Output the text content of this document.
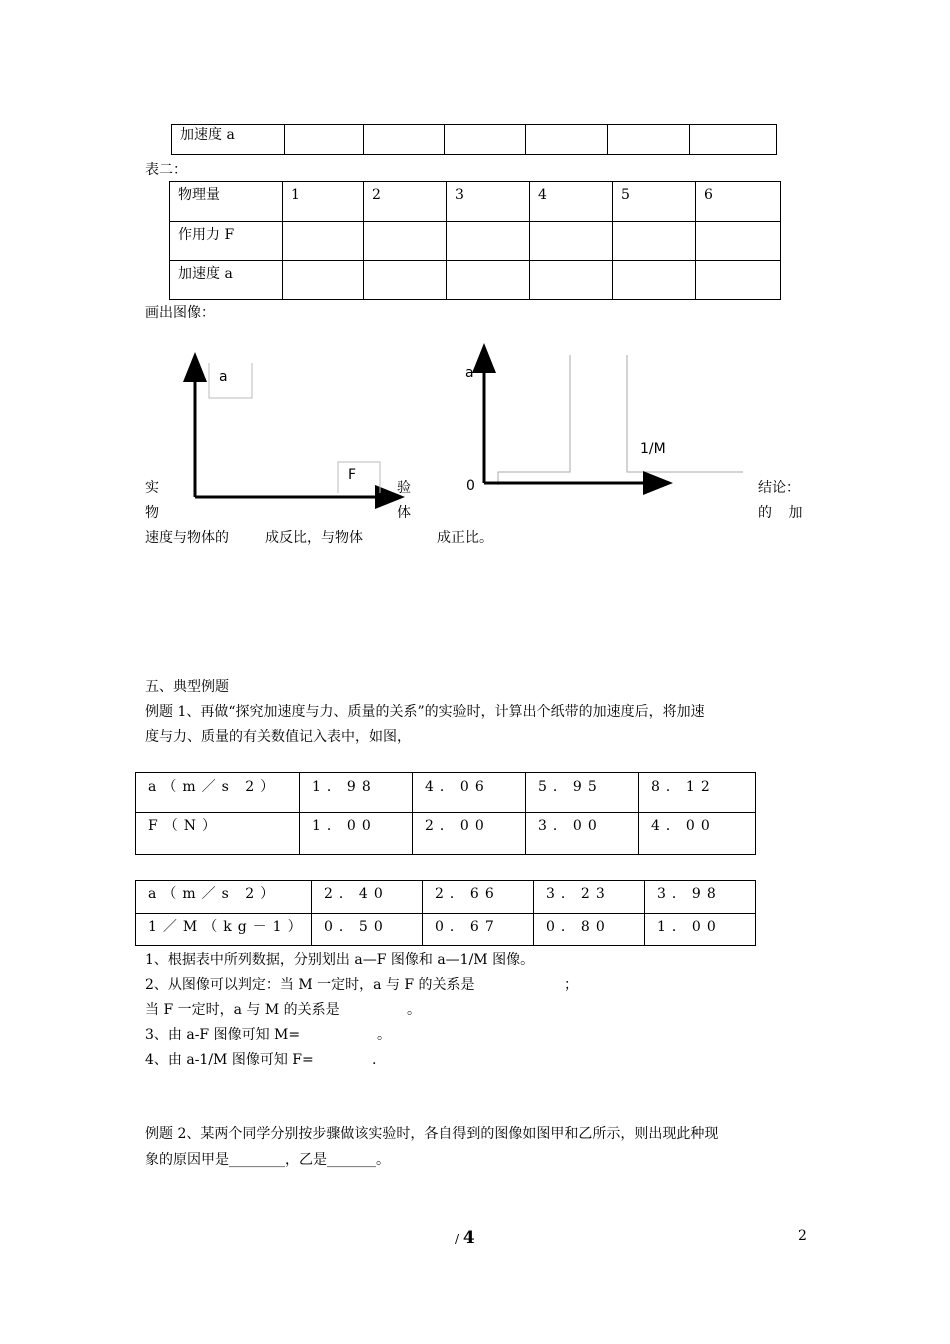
加速度 a						
表二：
物理量	1	2	3	4	5	6
作用力 F						
加速度 a						
画出图像：
a
F
a
1/M
0
实
物
验
体
结论：
的 加
速度与物体的	成反比，与物体	成正比。
五、典型例题
例题 1、再做“探究加速度与力、质量的关系”的实验时，计算出个纸带的加速度后，将加速
度与力、质量的有关数值记入表中，如图，
a（m／s 2）	1．98	4．06	5．95	8．12
F（N）	1．00	2．00	3．00	4．00
a（m／s 2）	2．40	2．66	3．23	3．98
1／M（kg－1）	0．50	0．67	0．80	1．00
1、根据表中所列数据，分别划出 a—F 图像和 a—1/M 图像。
2、从图像可以判定：当 M 一定时，a 与 F 的关系是	；
当 F 一定时，a 与 M 的关系是	。
3、由 a-F 图像可知 M=	。
4、由 a-1/M 图像可知 F=	.
例题 2、某两个同学分别按步骤做该实验时，各自得到的图像如图甲和乙所示，则出现此种现
象的原因甲是________，乙是_______。
/ 4	2
